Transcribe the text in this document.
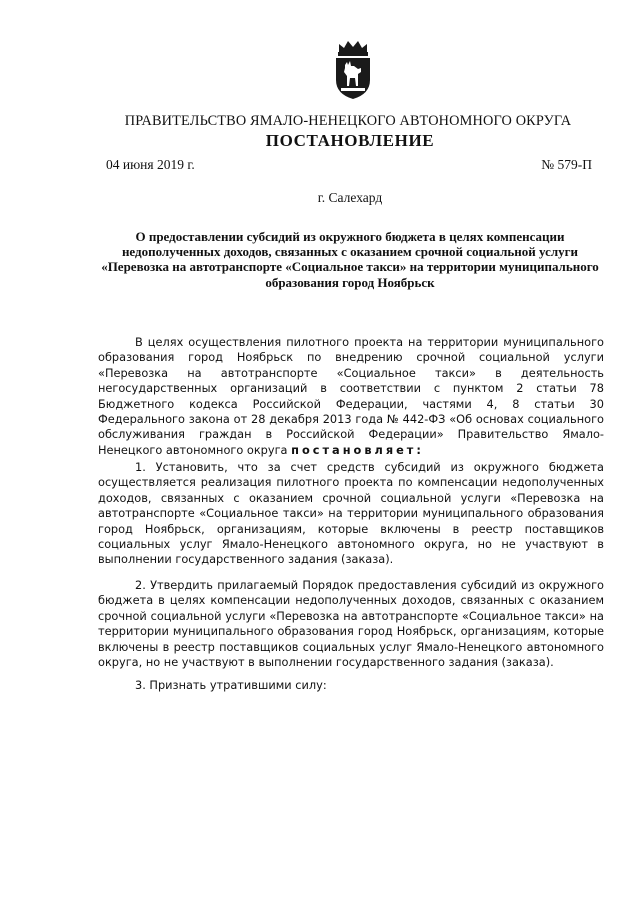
ПРАВИТЕЛЬСТВО ЯМАЛО-НЕНЕЦКОГО АВТОНОМНОГО ОКРУГА
ПОСТАНОВЛЕНИЕ
04 июня 2019 г.	№ 579-П
г. Салехард
О предоставлении субсидий из окружного бюджета в целях компенсации недополученных доходов, связанных с оказанием срочной социальной услуги «Перевозка на автотранспорте «Социальное такси» на территории муниципального образования город Ноябрьск

В целях осуществления пилотного проекта на территории муниципального образования город Ноябрьск по внедрению срочной социальной услуги «Перевозка на автотранспорте «Социальное такси» в деятельность негосударственных организаций в соответствии с пунктом 2 статьи 78 Бюджетного кодекса Российской Федерации, частями 4, 8 статьи 30 Федерального закона от 28 декабря 2013 года № 442-ФЗ «Об основах социального обслуживания граждан в Российской Федерации» Правительство Ямало-Ненецкого автономного округа постановляет:

1. Установить, что за счет средств субсидий из окружного бюджета осуществляется реализация пилотного проекта по компенсации недополученных доходов, связанных с оказанием срочной социальной услуги «Перевозка на автотранспорте «Социальное такси» на территории муниципального образования город Ноябрьск, организациям, которые включены в реестр поставщиков социальных услуг Ямало-Ненецкого автономного округа, но не участвуют в выполнении государственного задания (заказа).

2. Утвердить прилагаемый Порядок предоставления субсидий из окружного бюджета в целях компенсации недополученных доходов, связанных с оказанием срочной социальной услуги «Перевозка на автотранспорте «Социальное такси» на территории муниципального образования город Ноябрьск, организациям, которые включены в реестр поставщиков социальных услуг Ямало-Ненецкого автономного округа, но не участвуют в выполнении государственного задания (заказа).

3. Признать утратившими силу:
